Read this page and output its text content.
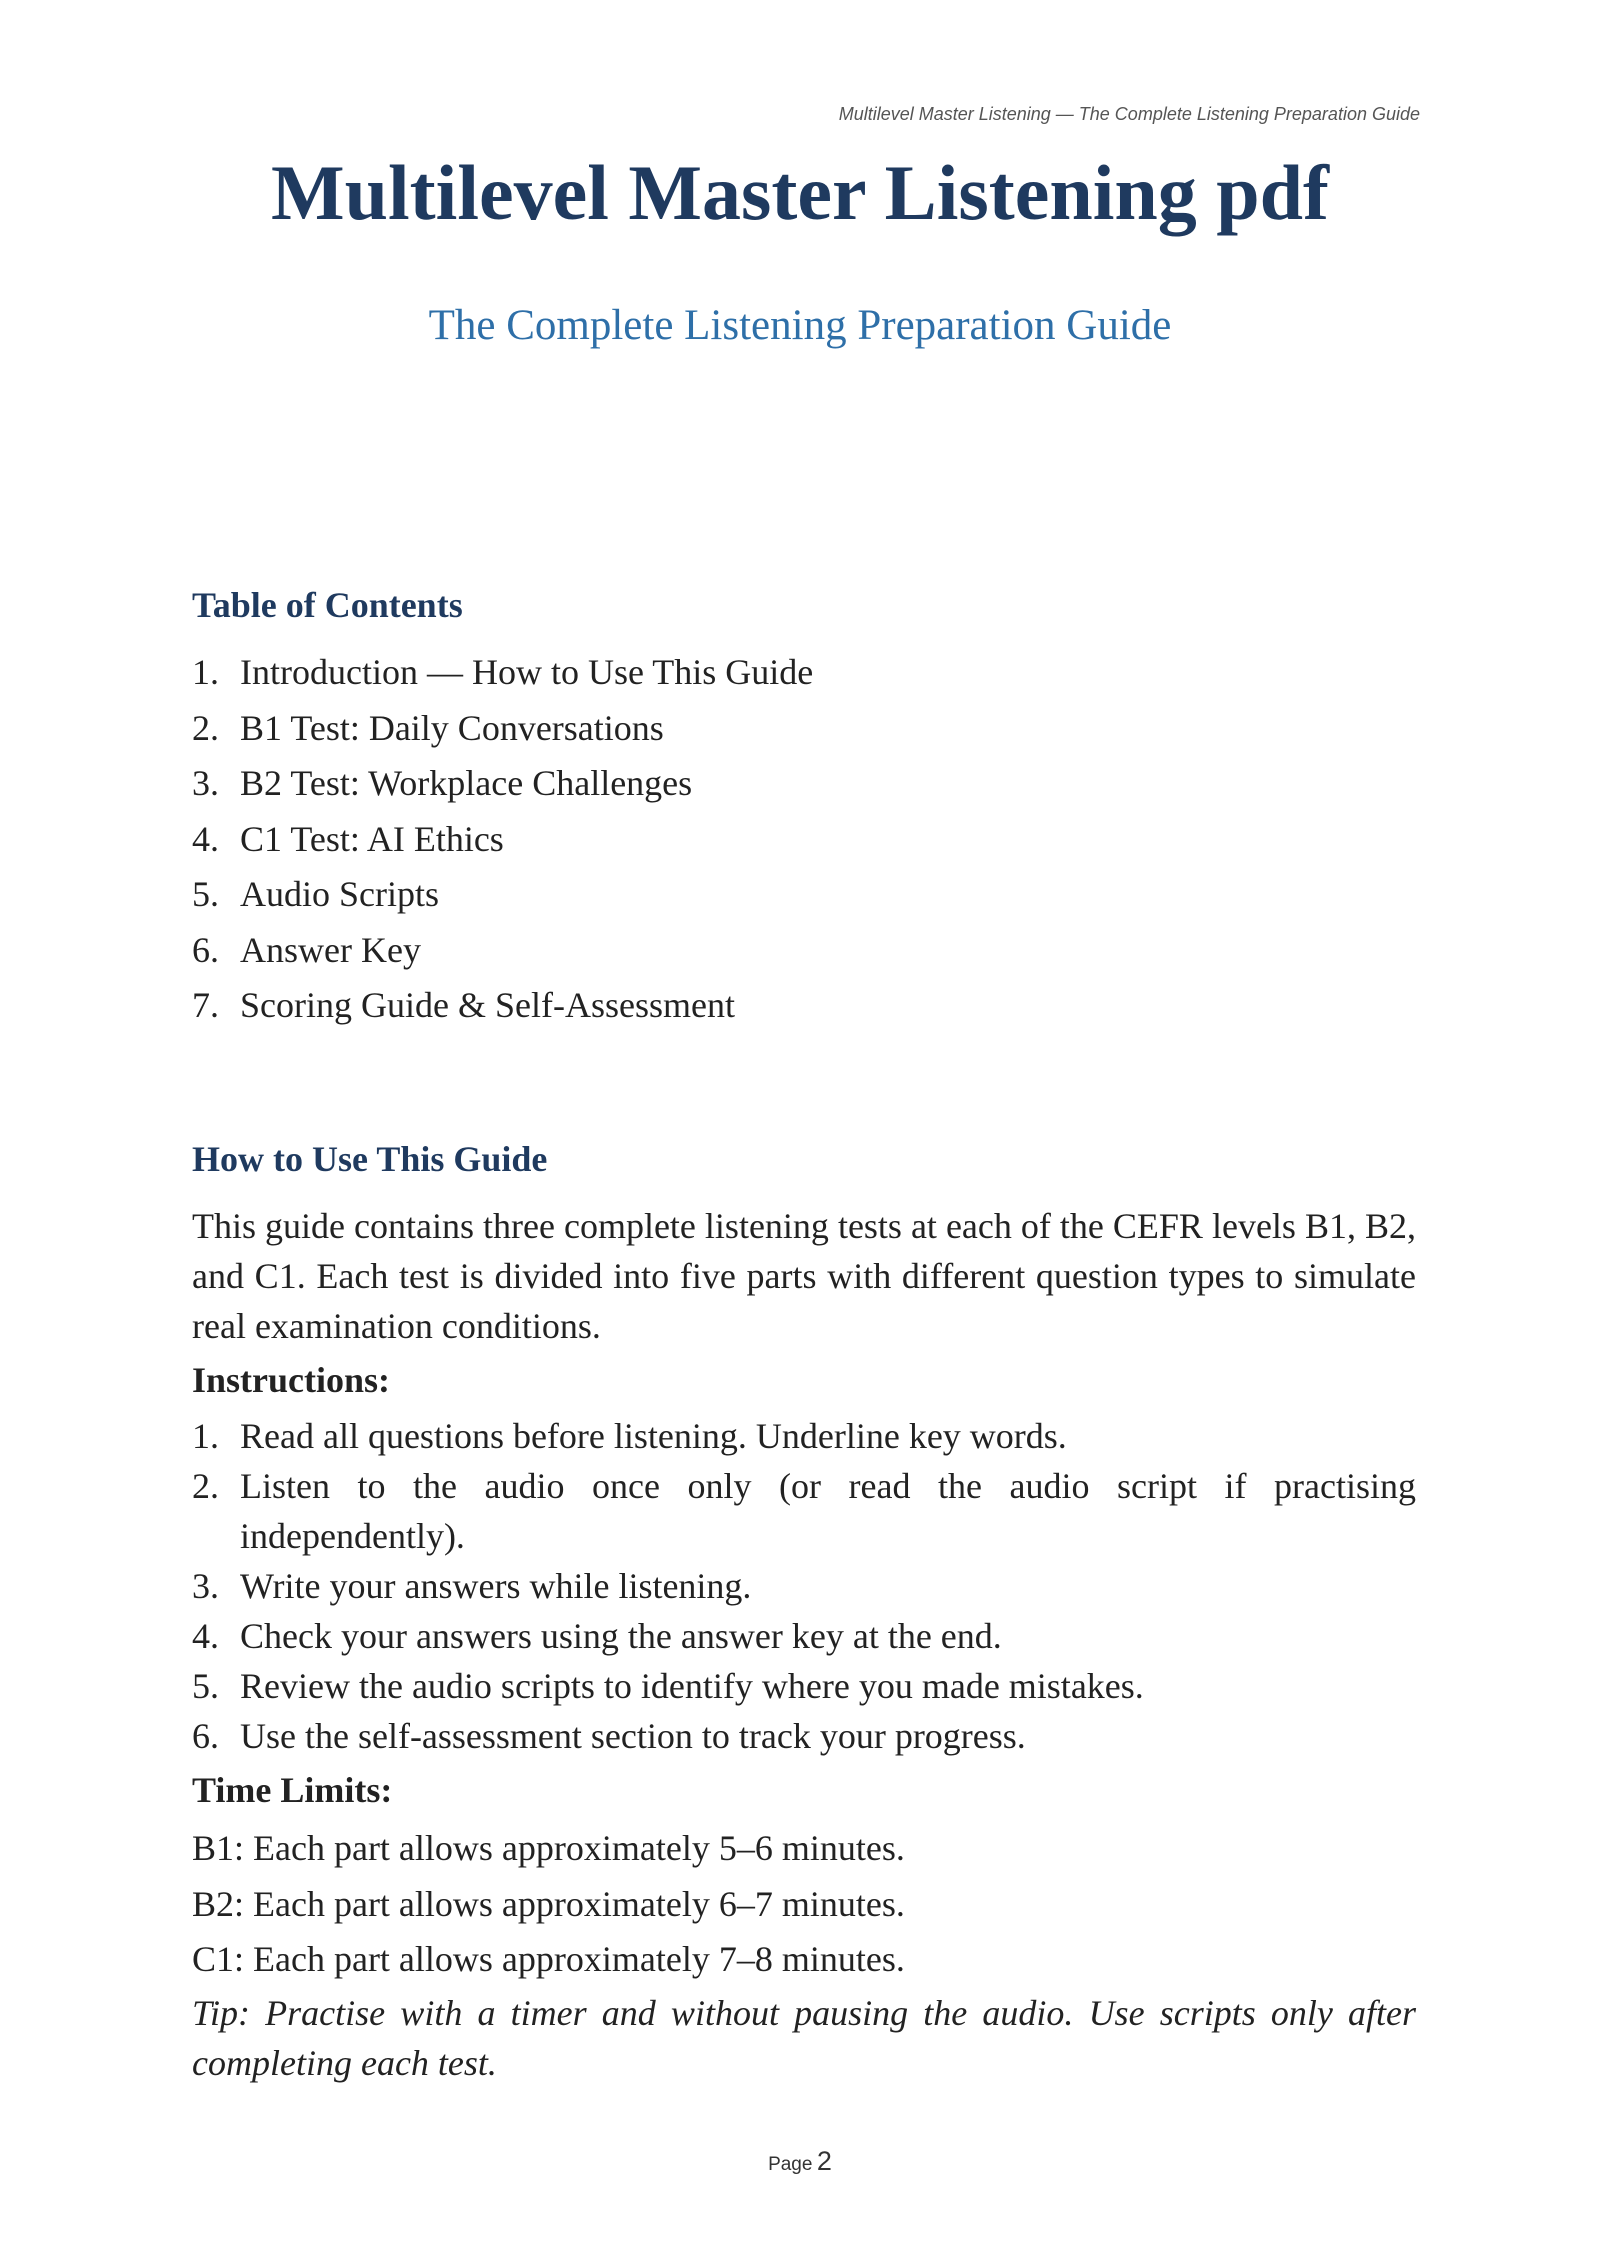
Multilevel Master Listening — The Complete Listening Preparation Guide
Multilevel Master Listening pdf
The Complete Listening Preparation Guide
Table of Contents
1. Introduction — How to Use This Guide
2. B1 Test: Daily Conversations
3. B2 Test: Workplace Challenges
4. C1 Test: AI Ethics
5. Audio Scripts
6. Answer Key
7. Scoring Guide & Self-Assessment
How to Use This Guide

This guide contains three complete listening tests at each of the CEFR levels B1, B2, and C1. Each test is divided into five parts with different question types to simulate real examination conditions.

Instructions:
1. Read all questions before listening. Underline key words.
2. Listen to the audio once only (or read the audio script if practising independently).
3. Write your answers while listening.
4. Check your answers using the answer key at the end.
5. Review the audio scripts to identify where you made mistakes.
6. Use the self-assessment section to track your progress.
Time Limits:
B1: Each part allows approximately 5–6 minutes.
B2: Each part allows approximately 6–7 minutes.
C1: Each part allows approximately 7–8 minutes.

Tip: Practise with a timer and without pausing the audio. Use scripts only after completing each test.

Page 2
